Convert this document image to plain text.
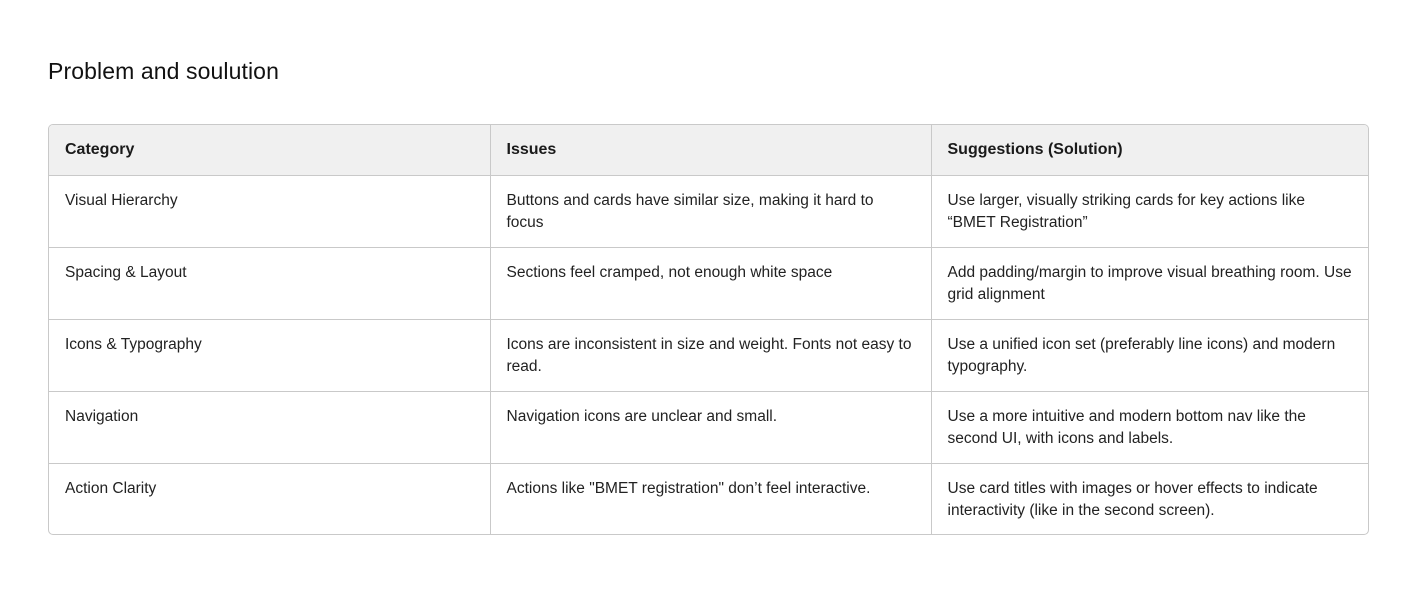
Problem and soulution
Category	Issues	Suggestions (Solution)
Visual Hierarchy	Buttons and cards have similar size, making it hard to focus	Use larger, visually striking cards for key actions like “BMET Registration”
Spacing & Layout	Sections feel cramped, not enough white space	Add padding/margin to improve visual breathing room. Use grid alignment
Icons & Typography	Icons are inconsistent in size and weight. Fonts not easy to read.	Use a unified icon set (preferably line icons) and modern typography.
Navigation	Navigation icons are unclear and small.	Use a more intuitive and modern bottom nav like the second UI, with icons and labels.
Action Clarity	Actions like "BMET registration" don’t feel interactive.	Use card titles with images or hover effects to indicate interactivity (like in the second screen).
